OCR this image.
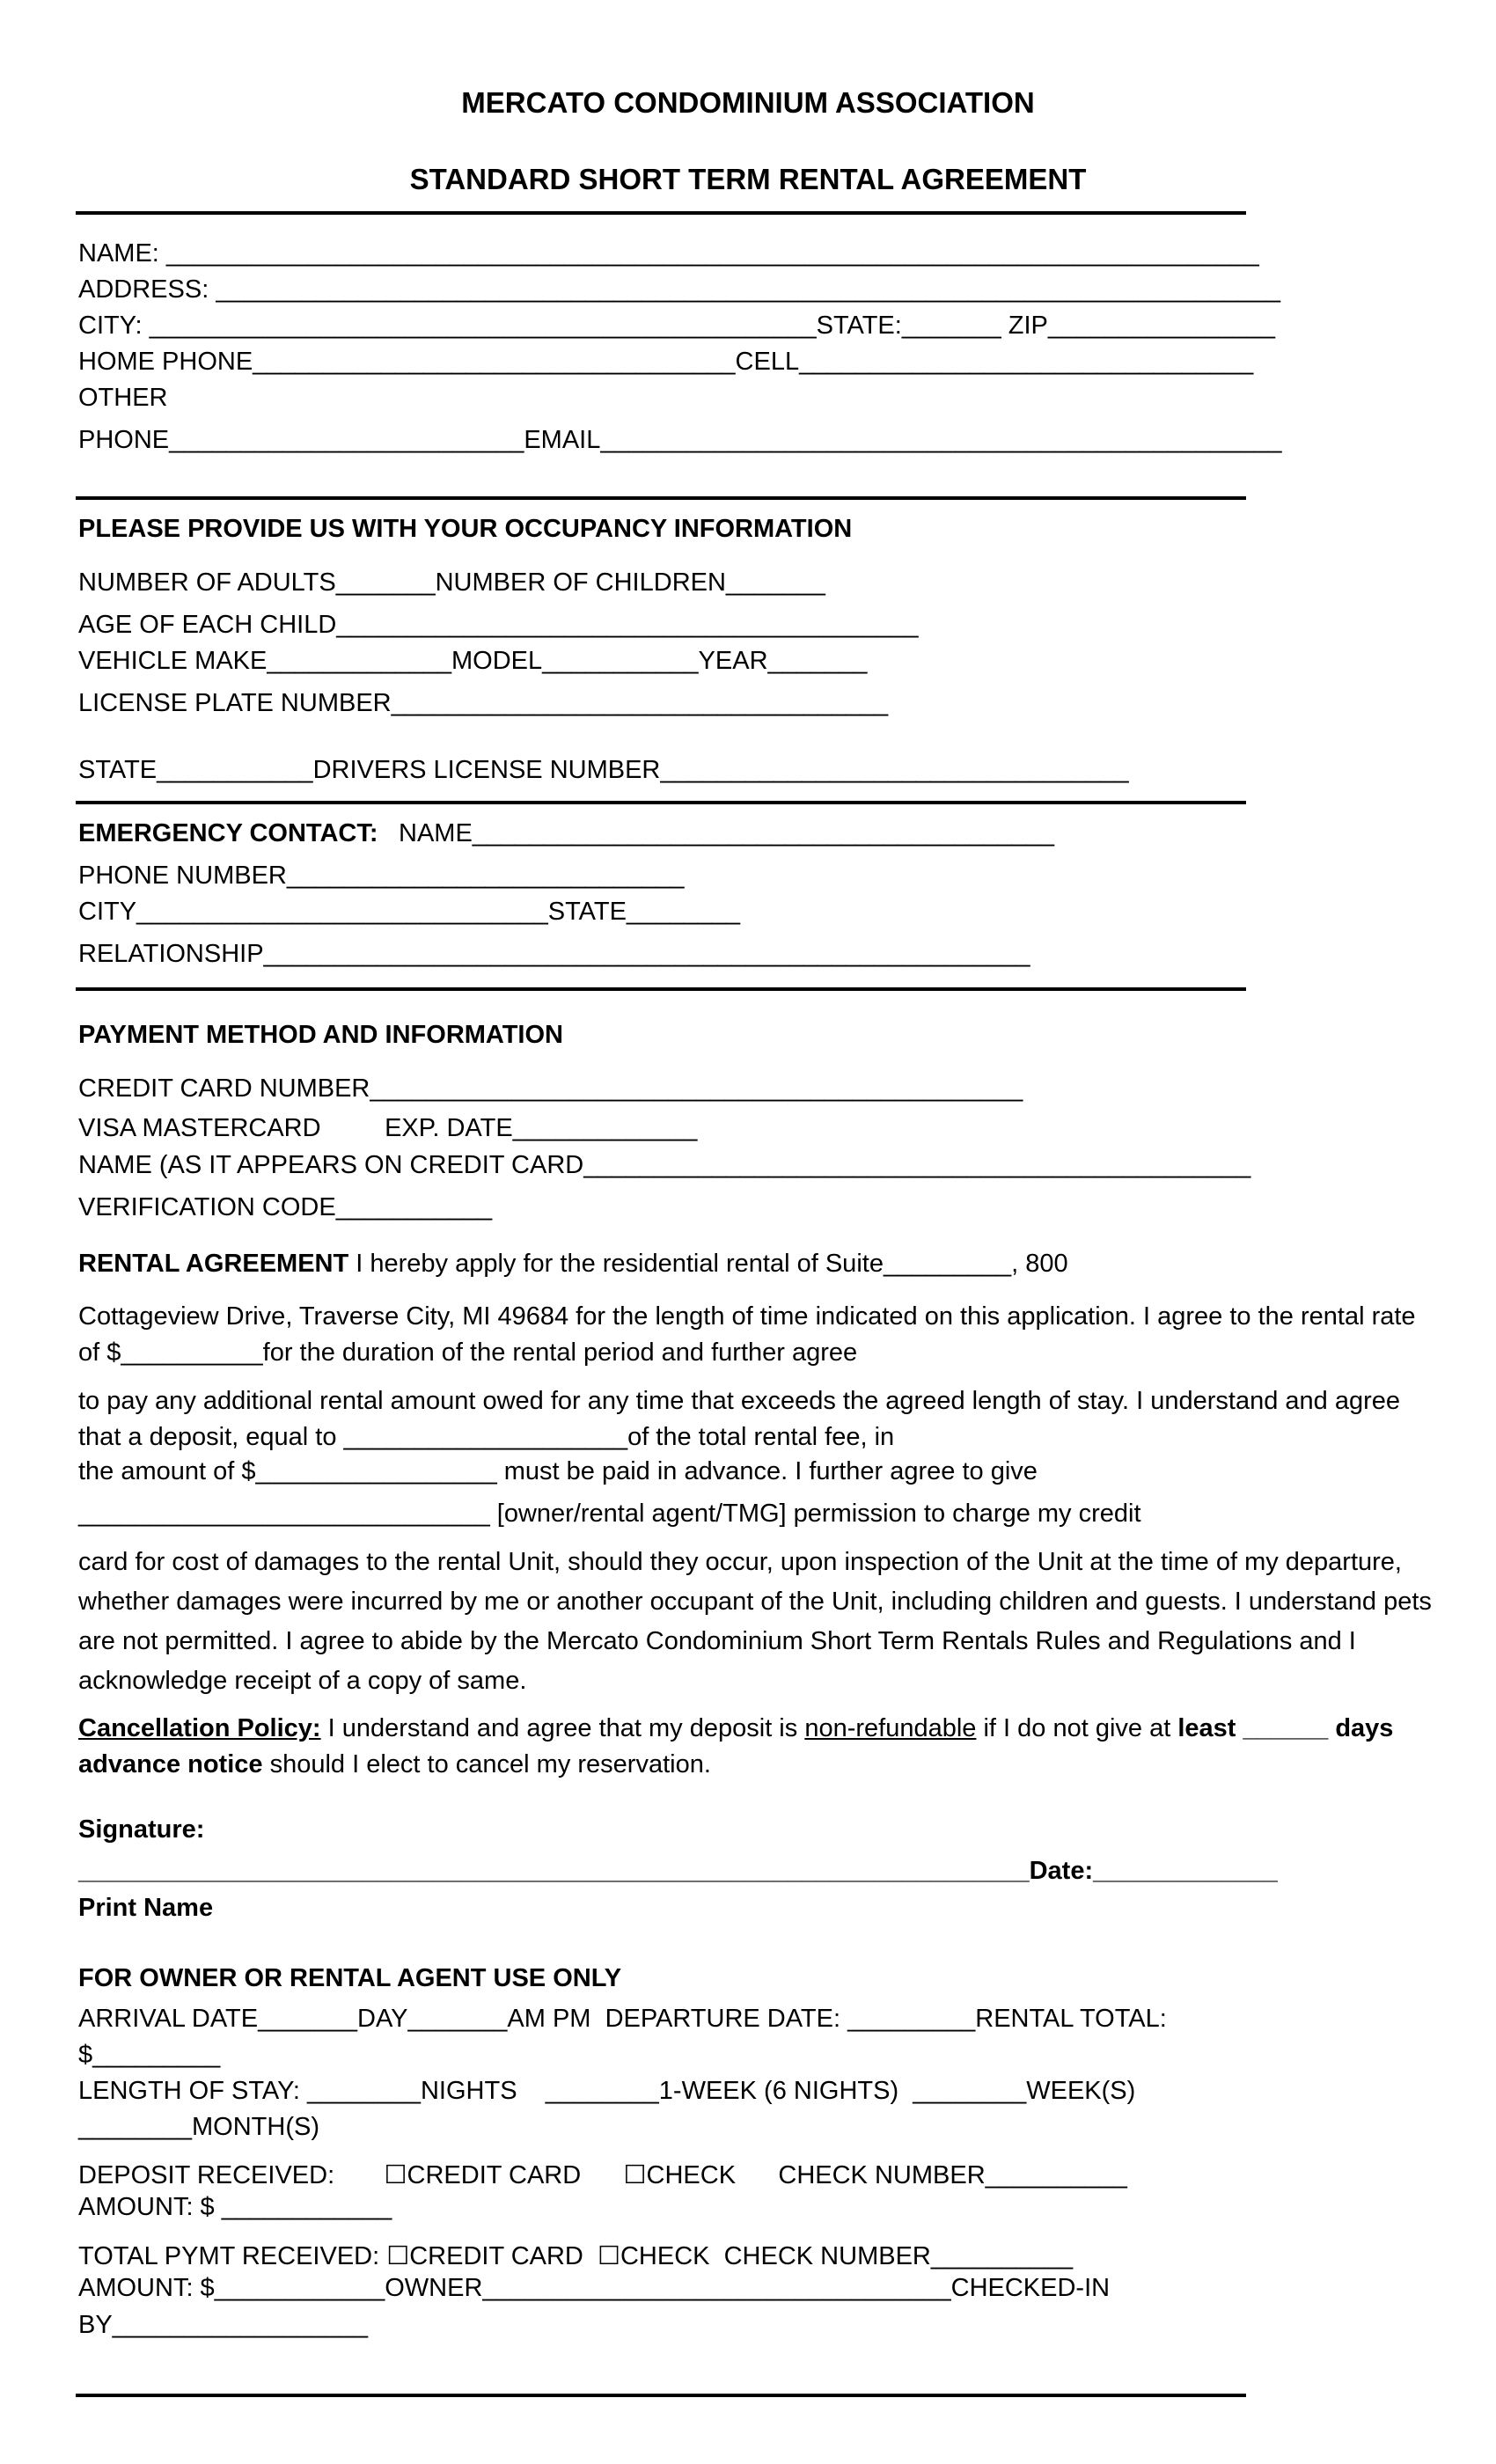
MERCATO CONDOMINIUM ASSOCIATION
STANDARD SHORT TERM RENTAL AGREEMENT
NAME: _____________________________________________________________________________
ADDRESS: ___________________________________________________________________________
CITY: _______________________________________________STATE:_______ ZIP________________
HOME PHONE__________________________________CELL________________________________
OTHER
PHONE_________________________EMAIL________________________________________________
PLEASE PROVIDE US WITH YOUR OCCUPANCY INFORMATION
NUMBER OF ADULTS_______NUMBER OF CHILDREN_______
AGE OF EACH CHILD_________________________________________
VEHICLE MAKE_____________MODEL___________YEAR_______
LICENSE PLATE NUMBER___________________________________
STATE___________DRIVERS LICENSE NUMBER_________________________________
EMERGENCY CONTACT: NAME_________________________________________
PHONE NUMBER____________________________
CITY_____________________________STATE________
RELATIONSHIP______________________________________________________
PAYMENT METHOD AND INFORMATION
CREDIT CARD NUMBER______________________________________________
VISA MASTERCARD         EXP. DATE_____________
NAME (AS IT APPEARS ON CREDIT CARD_______________________________________________
VERIFICATION CODE___________
RENTAL AGREEMENT I hereby apply for the residential rental of Suite_________, 800
Cottageview Drive, Traverse City, MI 49684 for the length of time indicated on this application. I agree to the rental rate of $__________for the duration of the rental period and further agree
to pay any additional rental amount owed for any time that exceeds the agreed length of stay. I understand and agree that a deposit, equal to ____________________of the total rental fee, in
the amount of $_________________ must be paid in advance. I further agree to give
_____________________________ [owner/rental agent/TMG] permission to charge my credit
card for cost of damages to the rental Unit, should they occur, upon inspection of the Unit at the time of my departure, whether damages were incurred by me or another occupant of the Unit, including children and guests. I understand pets are not permitted. I agree to abide by the Mercato Condominium Short Term Rentals Rules and Regulations and I acknowledge receipt of a copy of same.
Cancellation Policy: I understand and agree that my deposit is non-refundable if I do not give at least ______ days advance notice should I elect to cancel my reservation.
Signature:
___________________________________________________________________Date:_____________
Print Name
FOR OWNER OR RENTAL AGENT USE ONLY
ARRIVAL DATE_______DAY_______AM PM  DEPARTURE DATE: _________RENTAL TOTAL:
$_________
LENGTH OF STAY: ________NIGHTS    ________1-WEEK (6 NIGHTS)  ________WEEK(S)
________MONTH(S)
DEPOSIT RECEIVED:       ☐CREDIT CARD      ☐CHECK      CHECK NUMBER__________
AMOUNT: $ ____________
TOTAL PYMT RECEIVED: ☐CREDIT CARD  ☐CHECK  CHECK NUMBER__________
AMOUNT: $____________OWNER_________________________________CHECKED-IN
BY__________________
